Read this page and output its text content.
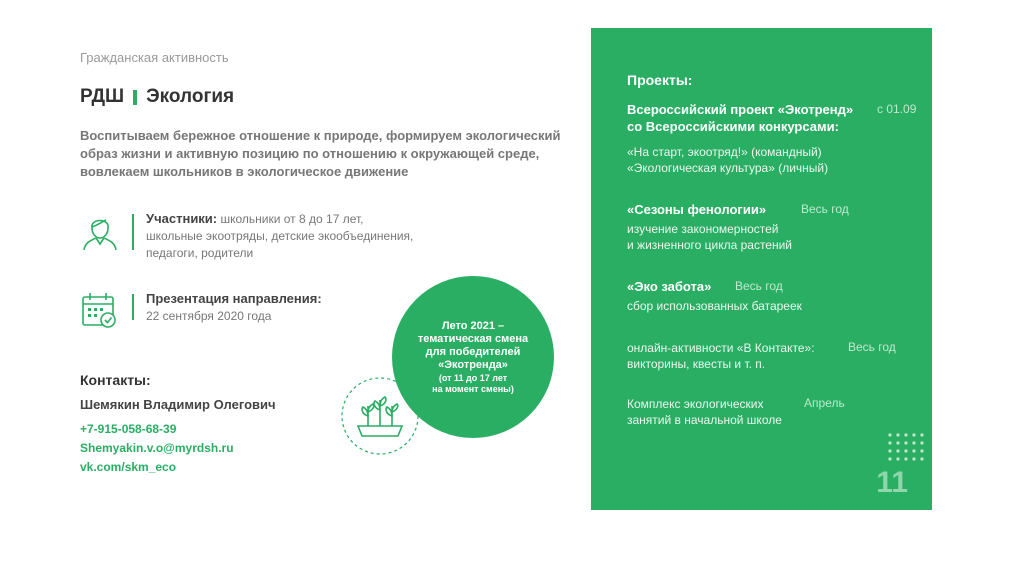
Гражданская активность
РДШ Экология
Воспитываем бережное отношение к природе, формируем экологический образ жизни и активную позицию по отношению к окружающей среде, вовлекаем школьников в экологическое движение
Участники: школьники от 8 до 17 лет,
школьные экоотряды, детские экообъединения,
педагоги, родители
Презентация направления:
22 сентября 2020 года
Контакты:
Шемякин Владимир Олегович
+7-915-058-68-39
Shemyakin.v.o@myrdsh.ru
vk.com/skm_eco
Лето 2021 –
тематическая смена
для победителей
«Экотренда»
(от 11 до 17 лет
на момент смены)
Проекты:
Всероссийский проект «Экотренд»
со Всероссийскими конкурсами:
с 01.09
«На старт, экоотряд!» (командный)
«Экологическая культура» (личный)
«Сезоны фенологии»	Весь год
изучение закономерностей
и жизненного цикла растений
«Эко забота» Весь год
сбор использованных батареек
онлайн-активности «В Контакте»:	Весь год
викторины, квесты и т. п.
Комплекс экологических	Апрель
занятий в начальной школе
11
